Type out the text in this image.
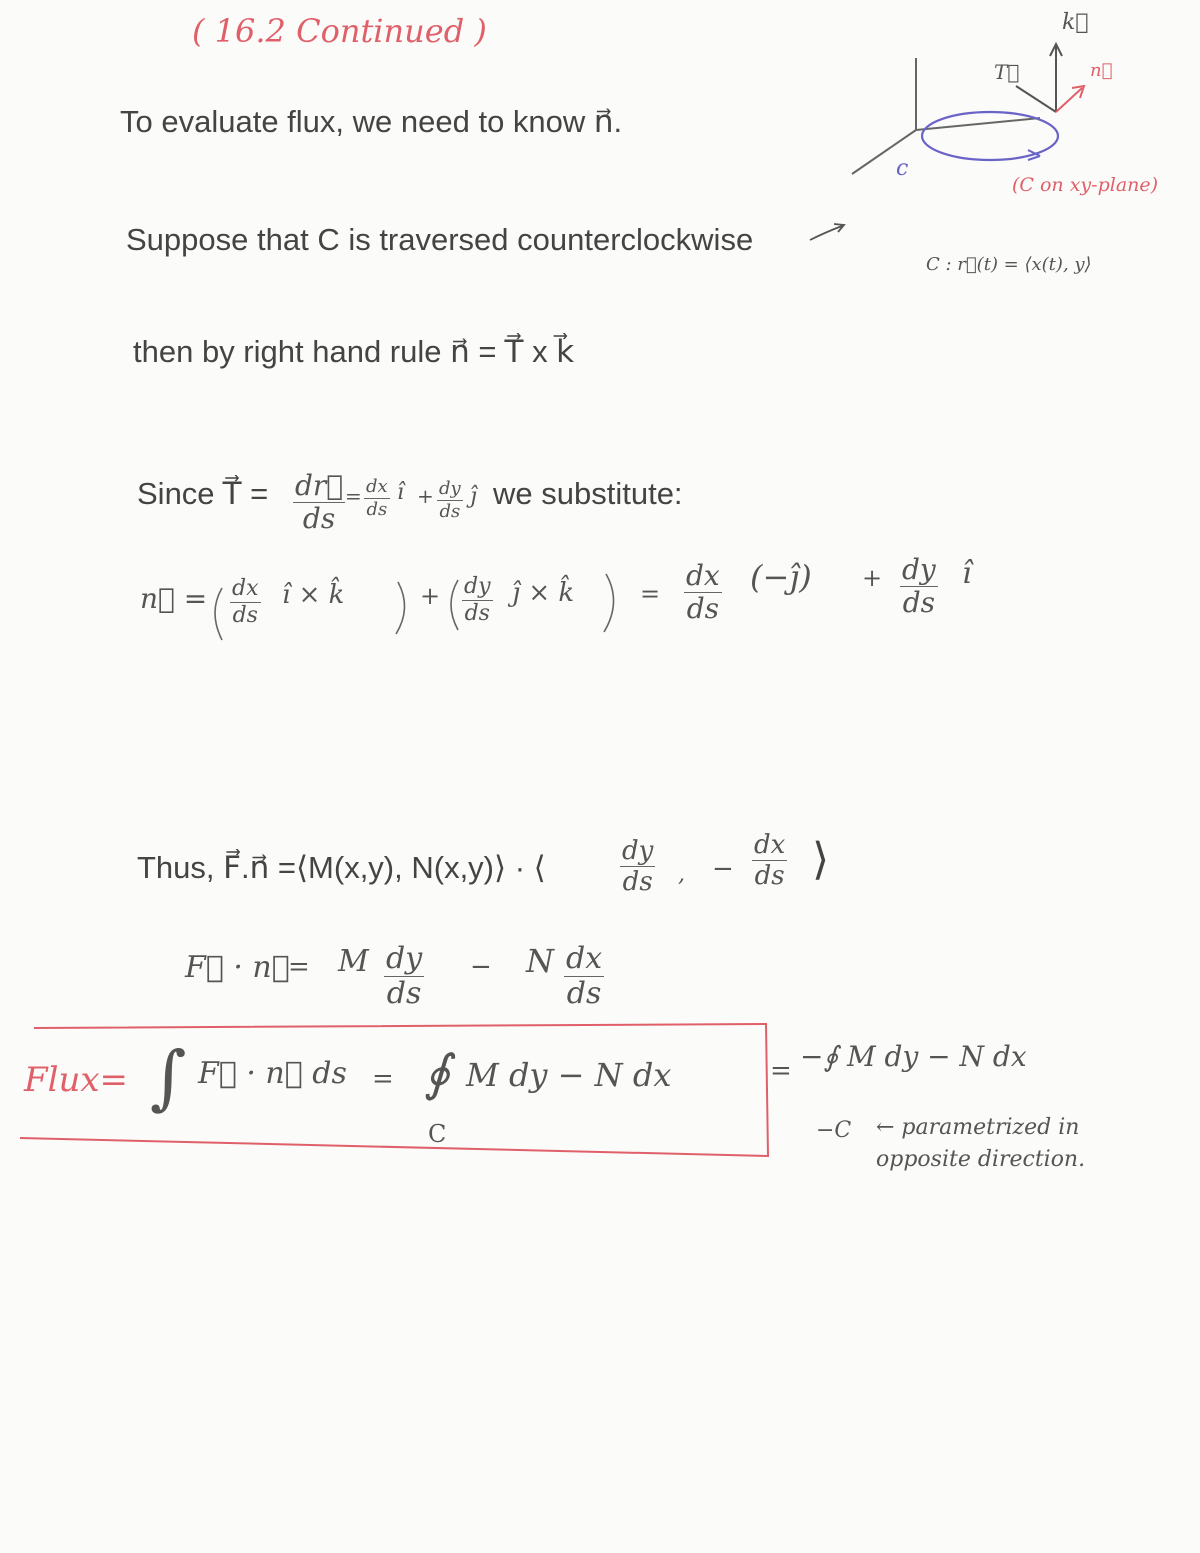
( 16.2 Continued )
To evaluate flux, we need to know n⃗.
Suppose that C is traversed counterclockwise
then by right hand rule n⃗ = T⃗ x k⃗
Since T⃗ = $\frac{dr⃗}{ds} = \frac{dx}{ds}$ î + $\frac{dy}{ds}$ ĵ we substitute:
n⃗ = $\frac{dx}{ds}$ î × k̂	+ $\frac{dy}{ds}$ ĵ × k̂	= $\frac{dx}{ds}$ (−ĵ) + $\frac{dy}{ds}$ î
Thus, F⃗.n⃗ =⟨M(x,y), N(x,y)⟩ · ⟨	$\frac{dy}{ds}$ , − $\frac{dx}{ds}$ ⟩
F⃗ · n⃗
= M $\frac{dy}{ds} - N \frac{dx}{ds}$
Flux= ∫ F⃗ · n⃗ ds = ∮ M dy − N dx
C
= −∮ M dy − N dx
−C ← parametrized in opposite direction.
k⃗
T⃗	n⃗
c
(C on xy-plane)
C : r⃗(t) = ⟨x(t), y⟩
